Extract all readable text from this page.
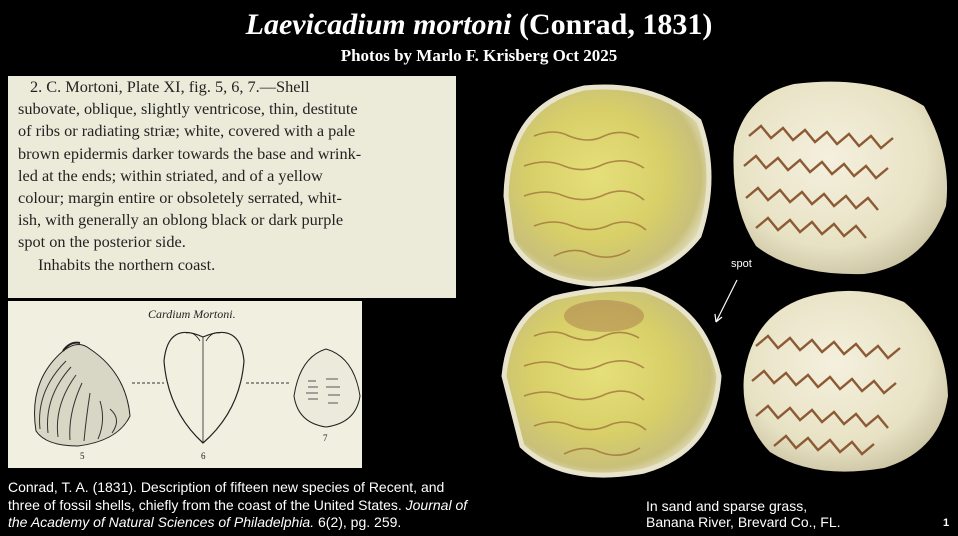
Laevicadium mortoni (Conrad, 1831)
Photos by Marlo F. Krisberg Oct 2025

2. C. Mortoni, Plate XI, fig. 5, 6, 7.—Shell

subovate, oblique, slightly ventricose, thin, destitute

of ribs or radiating striæ; white, covered with a pale

brown epidermis darker towards the base and wrink-

led at the ends; within striated, and of a yellow

colour; margin entire or obsoletely serrated, whit-

ish, with generally an oblong black or dark purple

spot on the posterior side.

Inhabits the northern coast.

Cardium Mortoni.
5	6
7
Conrad, T. A. (1831). Description of fifteen new species of Recent, and three of fossil shells, chiefly from the coast of the United States. Journal of the Academy of Natural Sciences of Philadelphia. 6(2), pg. 259.
spot
In sand and sparse grass,
Banana River, Brevard Co., FL.	1
